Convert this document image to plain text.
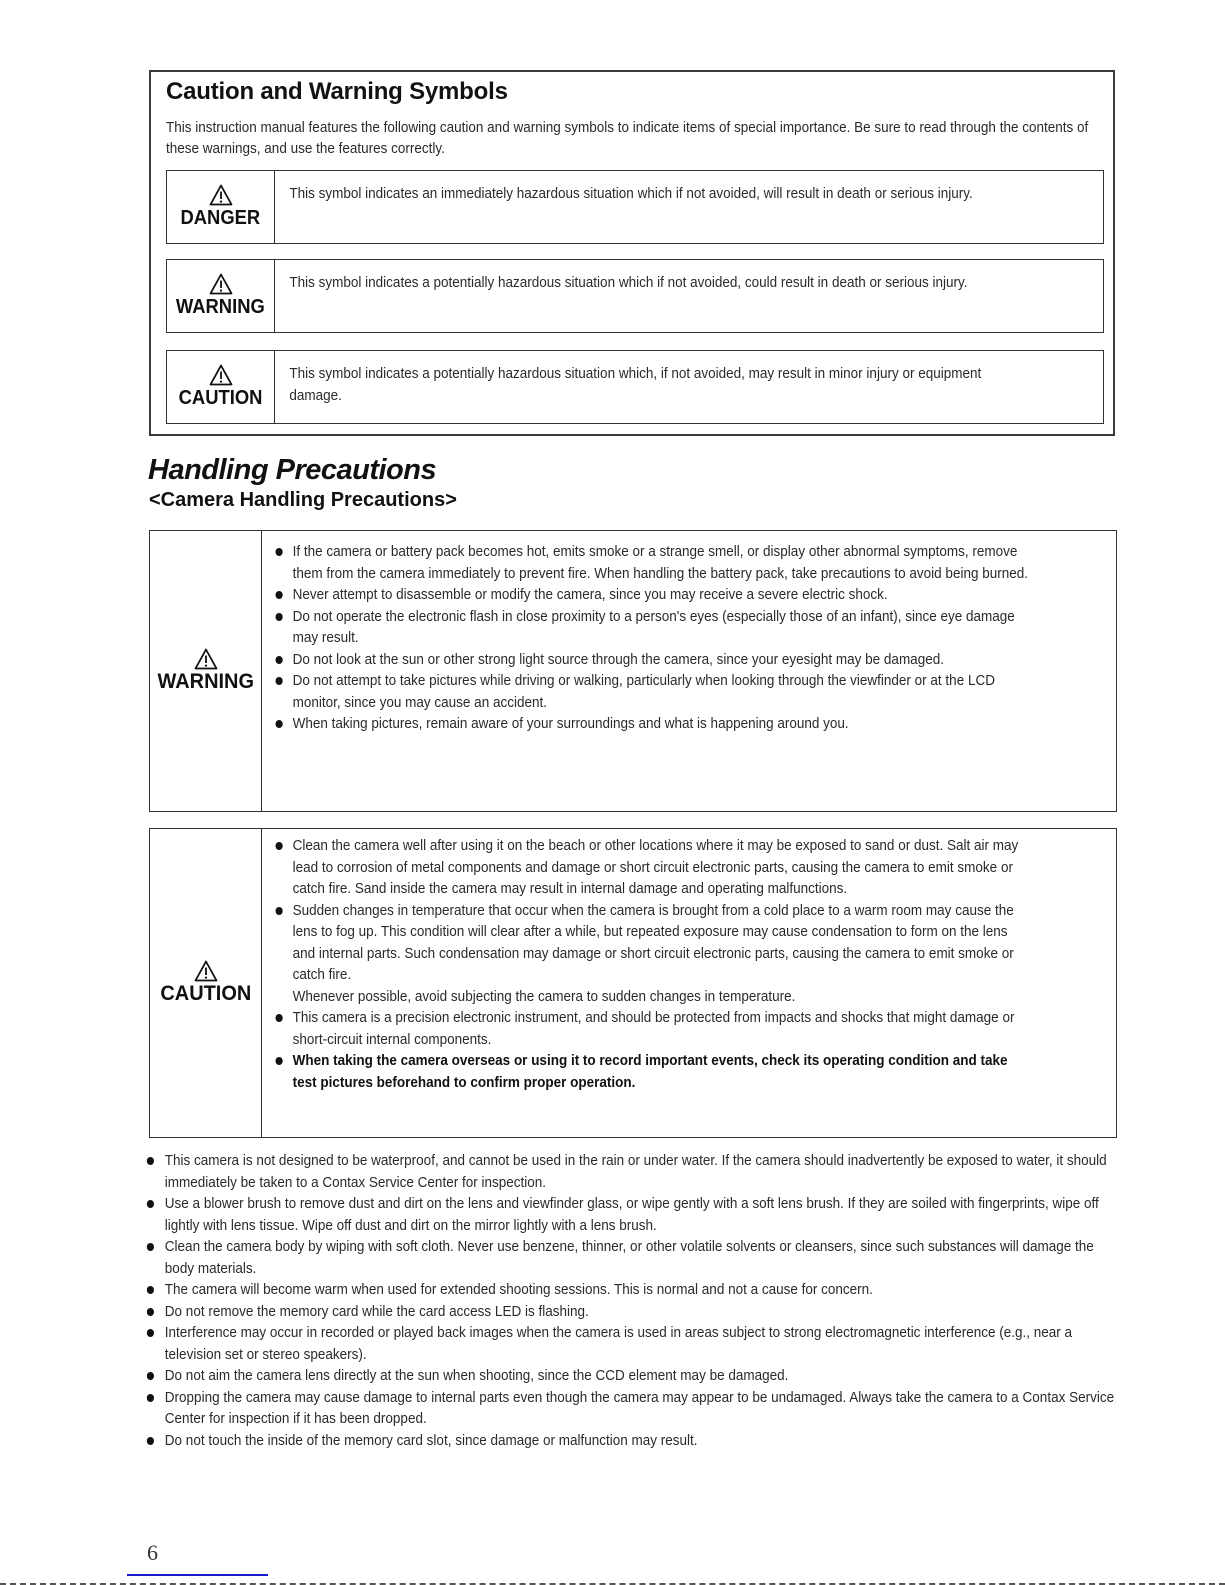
Caution and Warning Symbols

This instruction manual features the following caution and warning symbols to indicate items of special importance. Be sure to read through the contents of these warnings, and use the features correctly.

DANGER
This symbol indicates an immediately hazardous situation which if not avoided, will result in death or serious injury.
WARNING
This symbol indicates a potentially hazardous situation which if not avoided, could result in death or serious injury.
CAUTION
This symbol indicates a potentially hazardous situation which, if not avoided, may result in minor injury or equipment damage.
Handling Precautions
<Camera Handling Precautions>
WARNING
If the camera or battery pack becomes hot, emits smoke or a strange smell, or display other abnormal symptoms, remove them from the camera immediately to prevent fire. When handling the battery pack, take precautions to avoid being burned.
Never attempt to disassemble or modify the camera, since you may receive a severe electric shock.
Do not operate the electronic flash in close proximity to a person's eyes (especially those of an infant), since eye damage may result.
Do not look at the sun or other strong light source through the camera, since your eyesight may be damaged.
Do not attempt to take pictures while driving or walking, particularly when looking through the viewfinder or at the LCD monitor, since you may cause an accident.
When taking pictures, remain aware of your surroundings and what is happening around you.
CAUTION
Clean the camera well after using it on the beach or other locations where it may be exposed to sand or dust. Salt air may lead to corrosion of metal components and damage or short circuit electronic parts, causing the camera to emit smoke or catch fire. Sand inside the camera may result in internal damage and operating malfunctions.
Sudden changes in temperature that occur when the camera is brought from a cold place to a warm room may cause the lens to fog up. This condition will clear after a while, but repeated exposure may cause condensation to form on the lens and internal parts. Such condensation may damage or short circuit electronic parts, causing the camera to emit smoke or catch fire.
Whenever possible, avoid subjecting the camera to sudden changes in temperature.
This camera is a precision electronic instrument, and should be protected from impacts and shocks that might damage or short-circuit internal components.
When taking the camera overseas or using it to record important events, check its operating condition and take test pictures beforehand to confirm proper operation.
This camera is not designed to be waterproof, and cannot be used in the rain or under water. If the camera should inadvertently be exposed to water, it should immediately be taken to a Contax Service Center for inspection.
Use a blower brush to remove dust and dirt on the lens and viewfinder glass, or wipe gently with a soft lens brush. If they are soiled with fingerprints, wipe off lightly with lens tissue. Wipe off dust and dirt on the mirror lightly with a lens brush.
Clean the camera body by wiping with soft cloth. Never use benzene, thinner, or other volatile solvents or cleansers, since such substances will damage the body materials.
The camera will become warm when used for extended shooting sessions. This is normal and not a cause for concern.
Do not remove the memory card while the card access LED is flashing.
Interference may occur in recorded or played back images when the camera is used in areas subject to strong electromagnetic interference (e.g., near a television set or stereo speakers).
Do not aim the camera lens directly at the sun when shooting, since the CCD element may be damaged.
Dropping the camera may cause damage to internal parts even though the camera may appear to be undamaged. Always take the camera to a Contax Service Center for inspection if it has been dropped.
Do not touch the inside of the memory card slot, since damage or malfunction may result.
6
